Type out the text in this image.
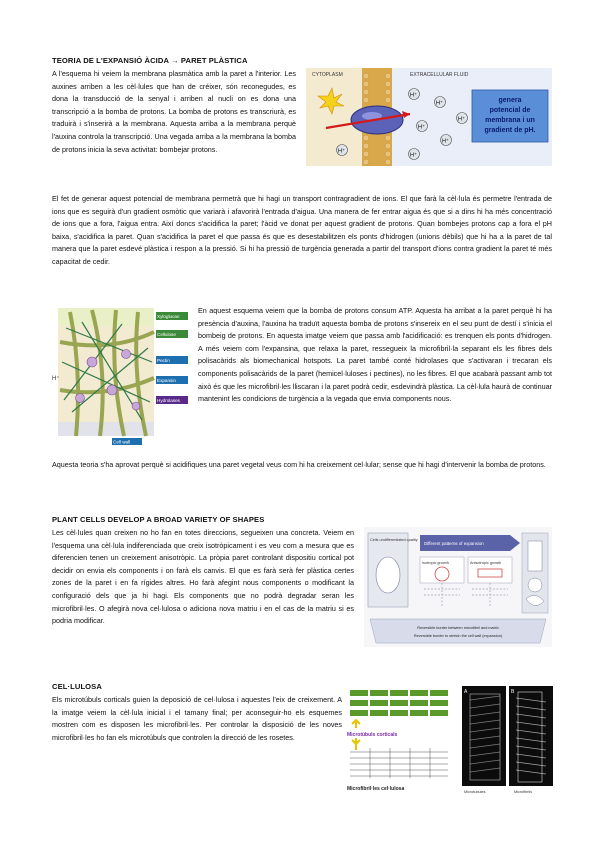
TEORIA DE L'EXPANSIÓ ÀCIDA → PARET PLÀSTICA

A l'esquema hi veiem la membrana plasmàtica amb la paret a l'interior. Les auxines arriben a les cèl·lules que han de créixer, són reconegudes, es dona la transducció de la senyal i arriben al nucli on es dona una transcripció a la bomba de protons. La bomba de protons es transcriurà, es traduirà i s'inserirà a la membrana. Aquesta arriba a la membrana perquè l'auxina controla la transcripció. Una vegada arriba a la membrana la bomba de protons inicia la seva activitat: bombejar protons.

CYTOPLASM	EXTRACELLULAR FLUID
H⁺
H⁺
H⁺
H⁺
H⁺
H⁺
H⁺
genera
potencial de
membrana i un
gradient de pH.

El fet de generar aquest potencial de membrana permetrà que hi hagi un transport contragradient de ions. El que farà la cèl·lula és permetre l'entrada de ions que es seguirà d'un gradient osmòtic que variarà i afavorirà l'entrada d'aigua. Una manera de fer entrar aigua és que si a dins hi ha més concentració de ions que a fora, l'aigua entra. Així doncs s'acidifica la paret; l'àcid ve donat per aquest gradient de protons. Quan bombejes protons cap a fora el pH baixa, s'acidifica la paret. Quan s'acidifica la paret el que passa és que es desestabilitzen els ponts d'hidrogen (unions dèbils) que hi ha a la paret de tal manera que la paret esdevé plàstica i respon a la pressió. Si hi ha pressió de turgència generada a partir del transport d'ions contra gradient la paret té més capacitat de cedir.

Xyloglucan
Cellulose
Pectin
Expansin
Hydrolases
Cell wall
H⁺

En aquest esquema veiem que la bomba de protons consum ATP. Aquesta ha arribat a la paret perquè hi ha presència d'auxina, l'auxina ha traduït aquesta bomba de protons s'insereix en el seu punt de destí i s'inicia el bombeig de protons. En aquesta imatge veiem que passa amb l'acidificació: es trenquen els ponts d'hidrogen. A més veiem com l'expansina, que relaxa la paret, ressegueix la microfibril·la separant els les fibres dels polisacàrids als biomechanical hotspots. La paret també conté hidrolases que s'activaran i trecaran els components polisacàrids de la paret (hemicel·luloses i pectines), no les fibres. El que acabarà passant amb tot això és que les microfibril·les lliscaran i la paret podrà cedir, esdevindrà plàstica. La cèl·lula haurà de continuar mantenint les condicions de turgència a la vegada que envia components nous.

Aquesta teoria s'ha aprovat perquè si acidifiques una paret vegetal veus com hi ha creixement cel·lular; sense que hi hagi d'intervenir la bomba de protons.

PLANT CELLS DEVELOP A BROAD VARIETY OF SHAPES

Les cèl·lules quan creixen no ho fan en totes direccions, segueixen una concreta. Veiem en l'esquema una cèl·lula indiferenciada que creix isotròpicament i es veu com a mesura que es diferencien tenen un creixement anisotròpic. La pròpia paret controlant dispositiu cortical pot decidir on envia els components i on farà els canvis. El que es farà serà fer plàstica certes zones de la paret i en fa rígides altres. Ho farà afegint nous components o modificant la configuració dels que ja hi hagi. Els components que no podrà degradar seran les microfibril·les. O afegirà nova cel·lulosa o adiciona nova matriu i en el cas de la matriu si es podria modificar.

Cells undifferentiated quality
Different patterns of expansion
Isotropic growth	Anisotropic growth
Reversible border between microfibril and matrix
Reversible border to stretch the cell wall (expansion)
CEL·LULOSA

Els microtúbuls corticals guien la deposició de cel·lulosa i aquestes l'eix de creixement. A la imatge veiem la cèl·lula inicial i el tamany final; per aconseguir-ho els esquemes mostren com es disposen les microfibril·les. Per controlar la disposició de les noves microfibril·les ho fan els microtúbuls que controlen la direcció de les rosetes.	Microtúbuls corticals
Microfibril·les cel·lulosa
A	B
Microtubules	Microfibrils
